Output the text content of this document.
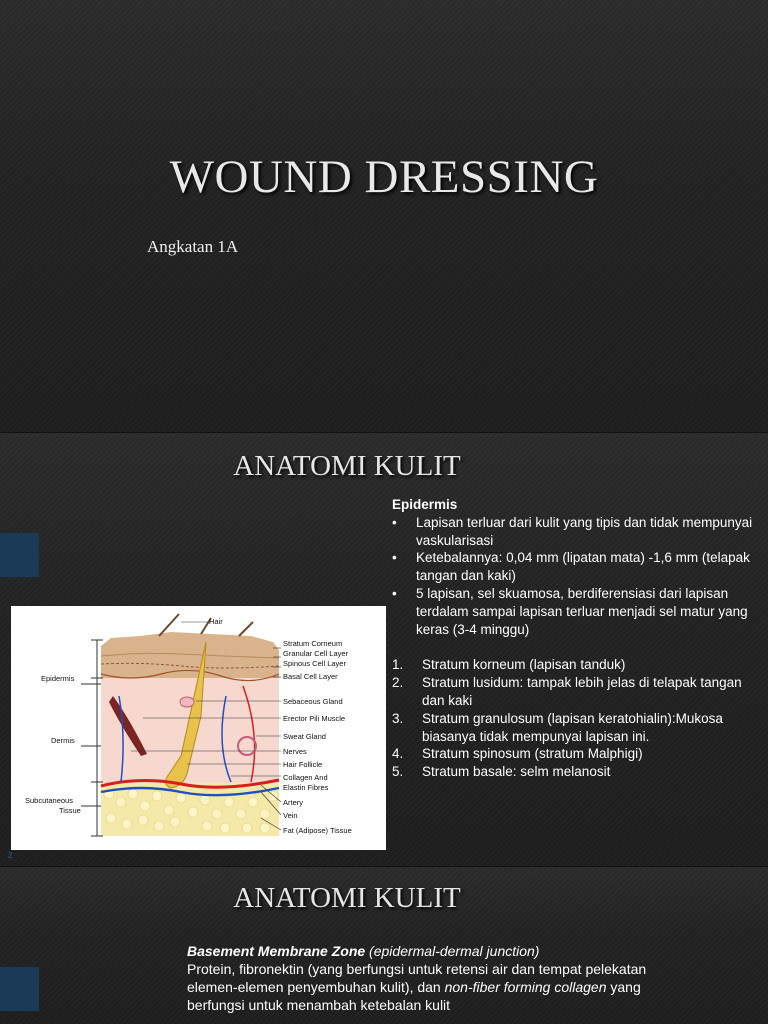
WOUND DRESSING

Angkatan 1A

ANATOMI KULIT
Hair
Stratum Corneum
Granular Cell Layer
Spinous Cell Layer
Basal Cell Layer
Sebaceous Gland
Erector Pili Muscle
Sweat Gland
Nerves
Hair Follicle
Collagen And
Elastin Fibres
Artery
Vein
Fat (Adipose) Tissue
Epidermis
Dermis
Subcutaneous
Tissue
2

Epidermis

• Lapisan terluar dari kulit yang tipis dan tidak mempunyai vaskularisasi
• Ketebalannya: 0,04 mm (lipatan mata) -1,6 mm (telapak tangan dan kaki)
• 5 lapisan, sel skuamosa, berdiferensiasi dari lapisan terdalam sampai lapisan terluar menjadi sel matur yang keras (3-4 minggu)
1. Stratum korneum (lapisan tanduk)
2. Stratum lusidum: tampak lebih jelas di telapak tangan dan kaki
3. Stratum granulosum (lapisan keratohialin):Mukosa biasanya tidak mempunyai lapisan ini.
4. Stratum spinosum (stratum Malphigi)
5. Stratum basale: selm melanosit
ANATOMI KULIT

Basement Membrane Zone (epidermal-dermal junction)
Protein, fibronektin (yang berfungsi untuk retensi air dan tempat pelekatan elemen-elemen penyembuhan kulit), dan non-fiber forming collagen yang berfungsi untuk menambah ketebalan kulit
